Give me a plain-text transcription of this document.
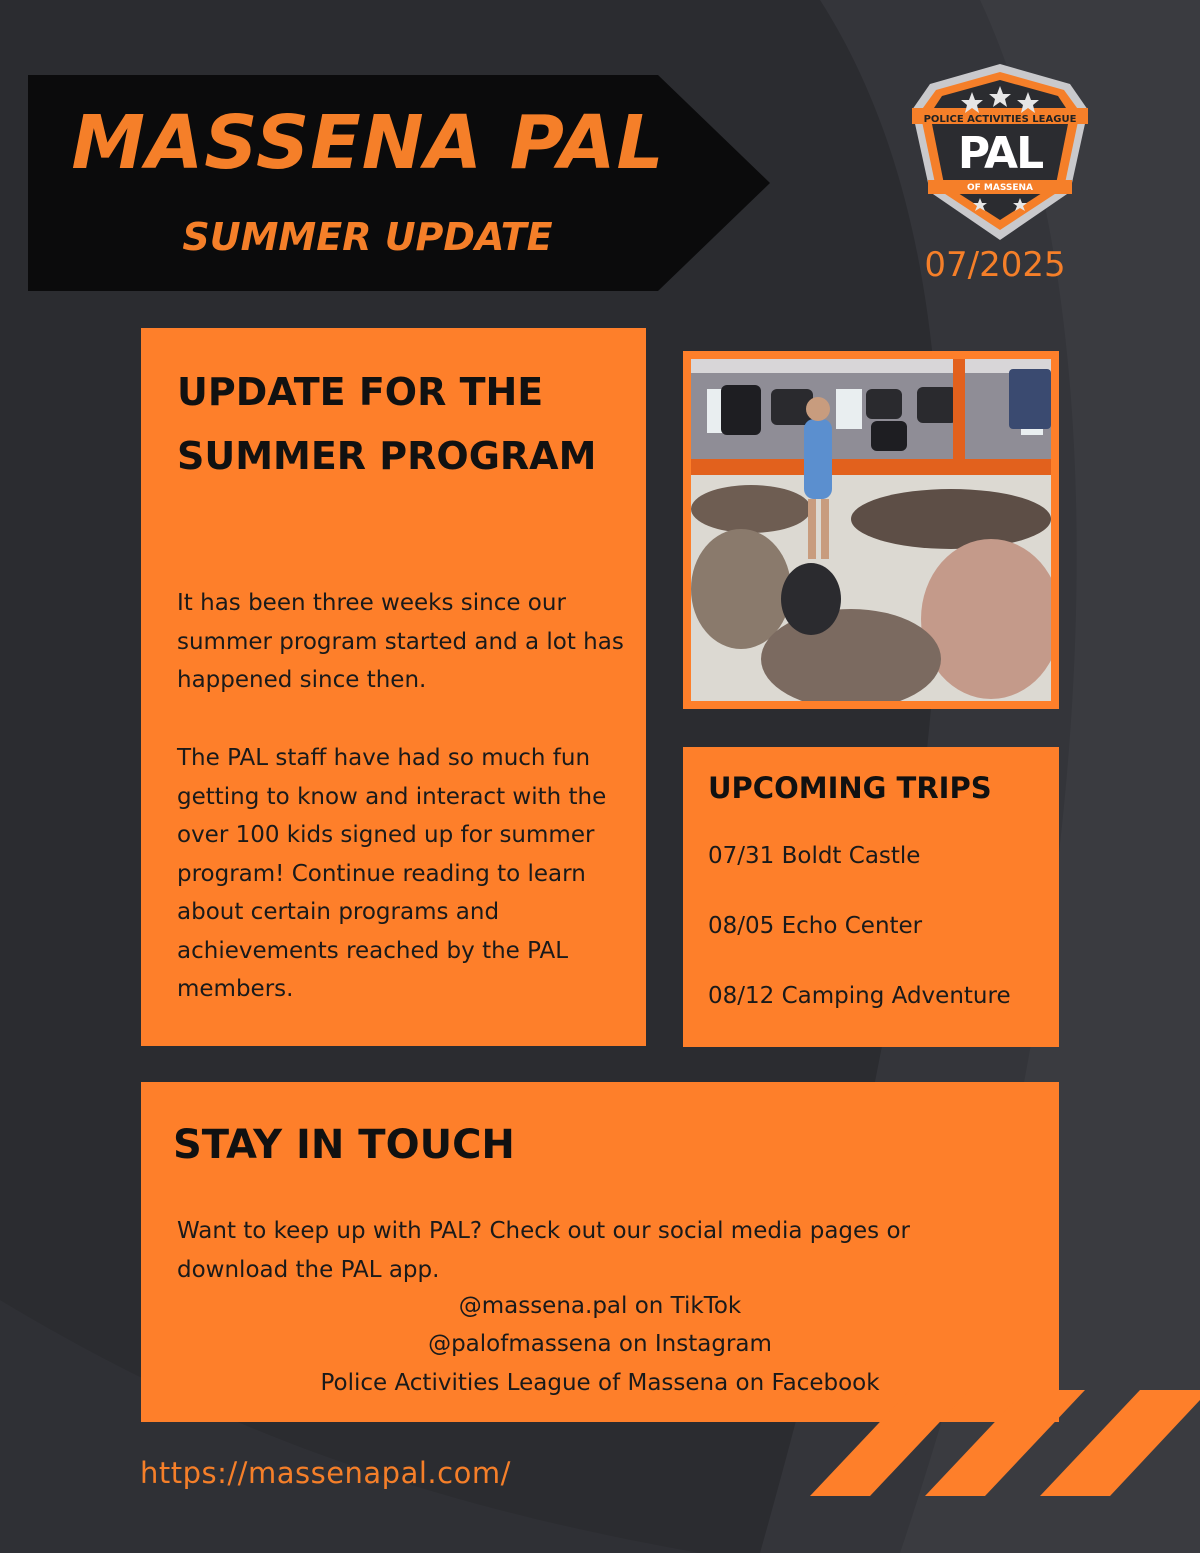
MASSENA PAL
SUMMER UPDATE
POLICE ACTIVITIES LEAGUE
PAL
OF MASSENA
07/2025
UPDATE FOR THE SUMMER PROGRAM

It has been three weeks since our summer program started and a lot has happened since then.

The PAL staff have had so much fun getting to know and interact with the over 100 kids signed up for summer program! Continue reading to learn about certain programs and achievements reached by the PAL members.

UPCOMING TRIPS
07/31 Boldt Castle
08/05 Echo Center
08/12 Camping Adventure
STAY IN TOUCH

Want to keep up with PAL? Check out our social media pages or download the PAL app.

@massena.pal on TikTok
@palofmassena on Instagram
Police Activities League of Massena on Facebook
https://massenapal.com/
